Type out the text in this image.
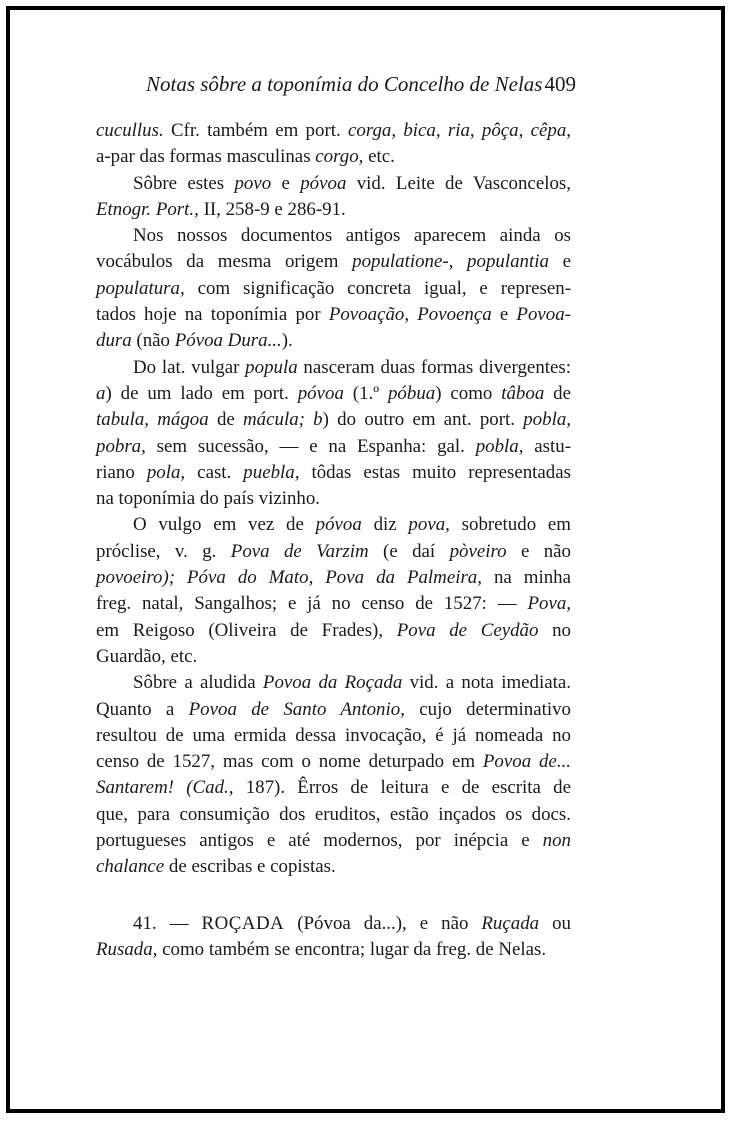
Notas sôbre a toponímia do Concelho de Nelas 409
cucullus. Cfr. também em port. corga, bica, ria, pôça, cêpa,
a-par das formas masculinas corgo, etc.
Sôbre estes povo e póvoa vid. Leite de Vasconcelos,
Etnogr. Port., II, 258-9 e 286-91.
Nos nossos documentos antigos aparecem ainda os
vocábulos da mesma origem populatione-, populantia e
populatura, com significação concreta igual, e represen-
tados hoje na toponímia por Povoação, Povoença e Povoa-
dura (não Póvoa Dura...).
Do lat. vulgar popula nasceram duas formas divergentes:
a) de um lado em port. póvoa (1.º póbua) como tâboa de
tabula, mágoa de mácula; b) do outro em ant. port. pobla,
pobra, sem sucessão, — e na Espanha: gal. pobla, astu-
riano pola, cast. puebla, tôdas estas muito representadas
na toponímia do país vizinho.
O vulgo em vez de póvoa diz pova, sobretudo em
próclise, v. g. Pova de Varzim (e daí pòveiro e não
povoeiro); Póva do Mato, Pova da Palmeira, na minha
freg. natal, Sangalhos; e já no censo de 1527: — Pova,
em Reigoso (Oliveira de Frades), Pova de Ceydão no
Guardão, etc.
Sôbre a aludida Povoa da Roçada vid. a nota imediata.
Quanto a Povoa de Santo Antonio, cujo determinativo
resultou de uma ermida dessa invocação, é já nomeada no
censo de 1527, mas com o nome deturpado em Povoa de...
Santarem! (Cad., 187). Êrros de leitura e de escrita de
que, para consumição dos eruditos, estão inçados os docs.
portugueses antigos e até modernos, por inépcia e non
chalance de escribas e copistas.
41. — ROÇADA (Póvoa da...), e não Ruçada ou
Rusada, como também se encontra; lugar da freg. de Nelas.
